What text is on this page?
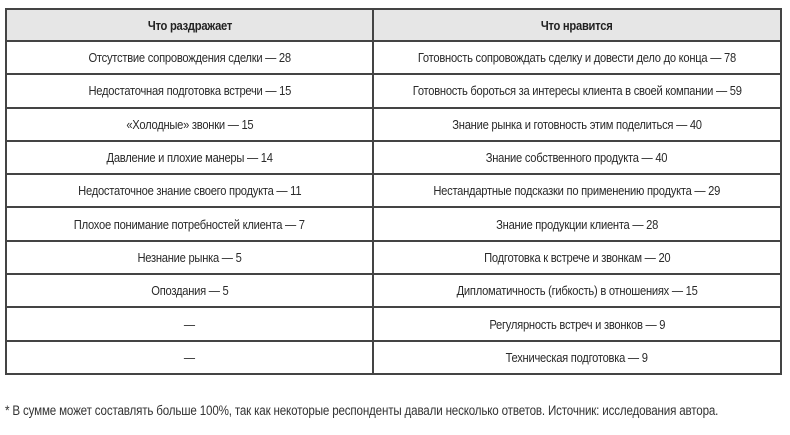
Что раздражает	Что нравится
Отсутствие сопровождения сделки — 28	Готовность сопровождать сделку и довести дело до конца — 78
Недостаточная подготовка встречи — 15	Готовность бороться за интересы клиента в своей компании — 59
«Холодные» звонки — 15	Знание рынка и готовность этим поделиться — 40
Давление и плохие манеры — 14	Знание собственного продукта — 40
Недостаточное знание своего продукта — 11	Нестандартные подсказки по применению продукта — 29
Плохое понимание потребностей клиента — 7	Знание продукции клиента — 28
Незнание рынка — 5	Подготовка к встрече и звонкам — 20
Опоздания — 5	Дипломатичность (гибкость) в отношениях — 15
—	Регулярность встреч и звонков — 9
—	Техническая подготовка — 9
* В сумме может составлять больше 100%, так как некоторые респонденты давали несколько ответов. Источник: исследования автора.
